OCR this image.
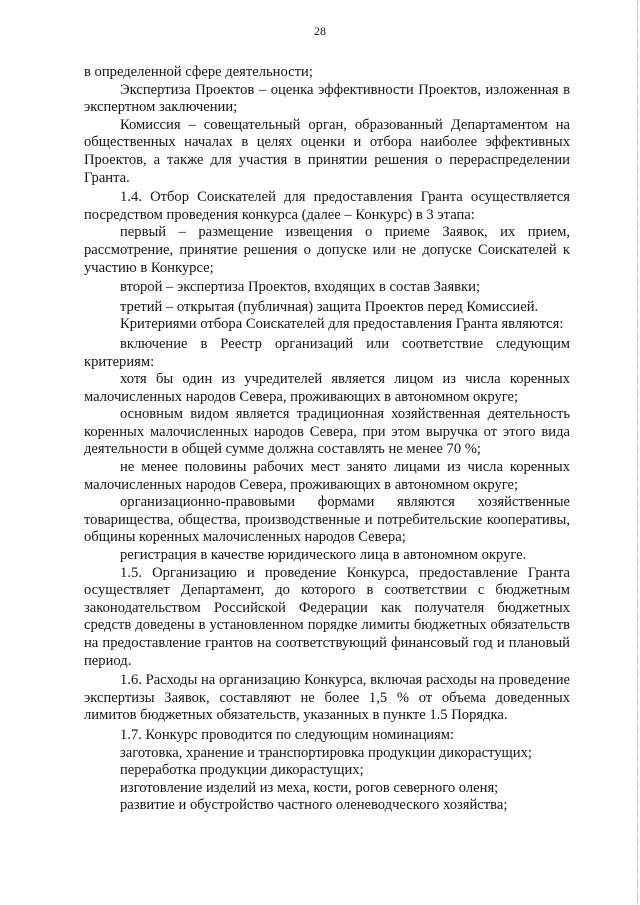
28

в определенной сфере деятельности;

Экспертиза Проектов – оценка эффективности Проектов, изложенная в экспертном заключении;

Комиссия – совещательный орган, образованный Департаментом на общественных началах в целях оценки и отбора наиболее эффективных Проектов, а также для участия в принятии решения о перераспределении Гранта.

1.4. Отбор Соискателей для предоставления Гранта осуществляется посредством проведения конкурса (далее – Конкурс) в 3 этапа:

первый – размещение извещения о приеме Заявок, их прием, рассмотрение, принятие решения о допуске или не допуске Соискателей к участию в Конкурсе;

второй – экспертиза Проектов, входящих в состав Заявки;

третий – открытая (публичная) защита Проектов перед Комиссией.

Критериями отбора Соискателей для предоставления Гранта являются:

включение в Реестр организаций или соответствие следующим критериям:

хотя бы один из учредителей является лицом из числа коренных малочисленных народов Севера, проживающих в автономном округе;

основным видом является традиционная хозяйственная деятельность коренных малочисленных народов Севера, при этом выручка от этого вида деятельности в общей сумме должна составлять не менее 70 %;

не менее половины рабочих мест занято лицами из числа коренных малочисленных народов Севера, проживающих в автономном округе;

организационно-правовыми формами являются хозяйственные товарищества, общества, производственные и потребительские кооперативы, общины коренных малочисленных народов Севера;

регистрация в качестве юридического лица в автономном округе.

1.5. Организацию и проведение Конкурса, предоставление Гранта осуществляет Департамент, до которого в соответствии с бюджетным законодательством Российской Федерации как получателя бюджетных средств доведены в установленном порядке лимиты бюджетных обязательств на предоставление грантов на соответствующий финансовый год и плановый период.

1.6. Расходы на организацию Конкурса, включая расходы на проведение экспертизы Заявок, составляют не более 1,5 % от объема доведенных лимитов бюджетных обязательств, указанных в пункте 1.5 Порядка.

1.7. Конкурс проводится по следующим номинациям:

заготовка, хранение и транспортировка продукции дикорастущих;

переработка продукции дикорастущих;

изготовление изделий из меха, кости, рогов северного оленя;

развитие и обустройство частного оленеводческого хозяйства;
